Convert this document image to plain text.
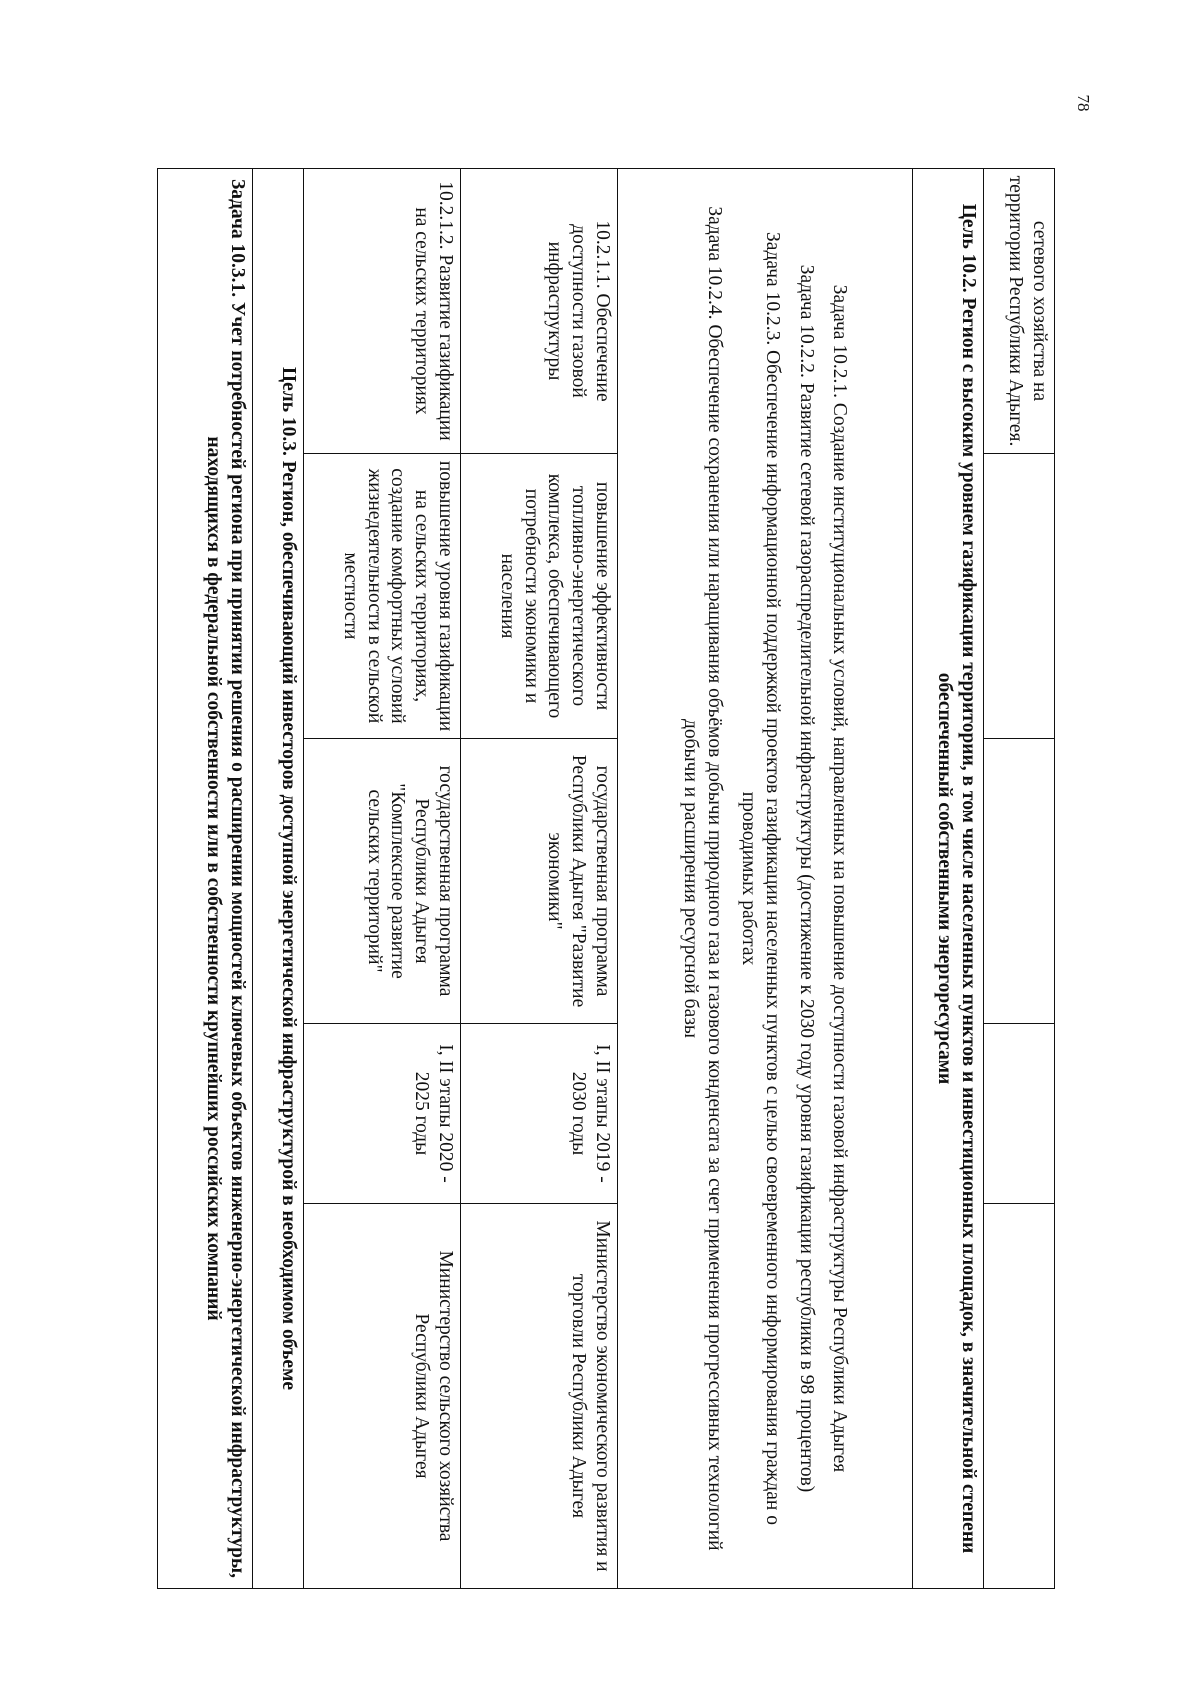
78
сетевого хозяйства на территории Республики Адыгея.				
Цель 10.2. Регион с высоким уровнем газификации территории, в том числе населенных пунктов и инвестиционных площадок, в значительной степени обеспеченный собственными энергоресурсами				

Задача 10.2.1. Создание институциональных условий, направленных на повышение доступности газовой инфраструктуры Республики Адыгея
Задача 10.2.2. Развитие сетевой газораспределительной инфраструктуры (достижение к 2030 году уровня газификации республики в 98 процентов)
Задача 10.2.3. Обеспечение информационной поддержкой проектов газификации населенных пунктов с целью своевременного информирования граждан о проводимых работах
Задача 10.2.4. Обеспечение сохранения или наращивания объёмов добычи природного газа и газового конденсата за счет применения прогрессивных технологий добычи и расширения ресурсной базы				

10.2.1.1. Обеспечение доступности газовой инфраструктуры	повышение эффективности топливно-энергетического комплекса, обеспечивающего потребности экономики и населения	государственная программа Республики Адыгея "Развитие экономики"	I, II этапы 2019 - 2030 годы	Министерство экономического развития и торговли Республики Адыгея
10.2.1.2. Развитие газификации на сельских территориях	повышение уровня газификации на сельских территориях, создание комфортных условий жизнедеятельности в сельской местности	государственная программа Республики Адыгея "Комплексное развитие сельских территорий"	I, II этапы 2020 - 2025 годы	Министерство сельского хозяйства Республики Адыгея
Цель 10.3. Регион, обеспечивающий инвесторов доступной энергетической инфраструктурой в необходимом объеме				
Задача 10.3.1. Учет потребностей региона при принятии решения о расширении мощностей ключевых объектов инженерно-энергетической инфраструктуры, находящихся в федеральной собственности или в собственности крупнейших российских компаний				
